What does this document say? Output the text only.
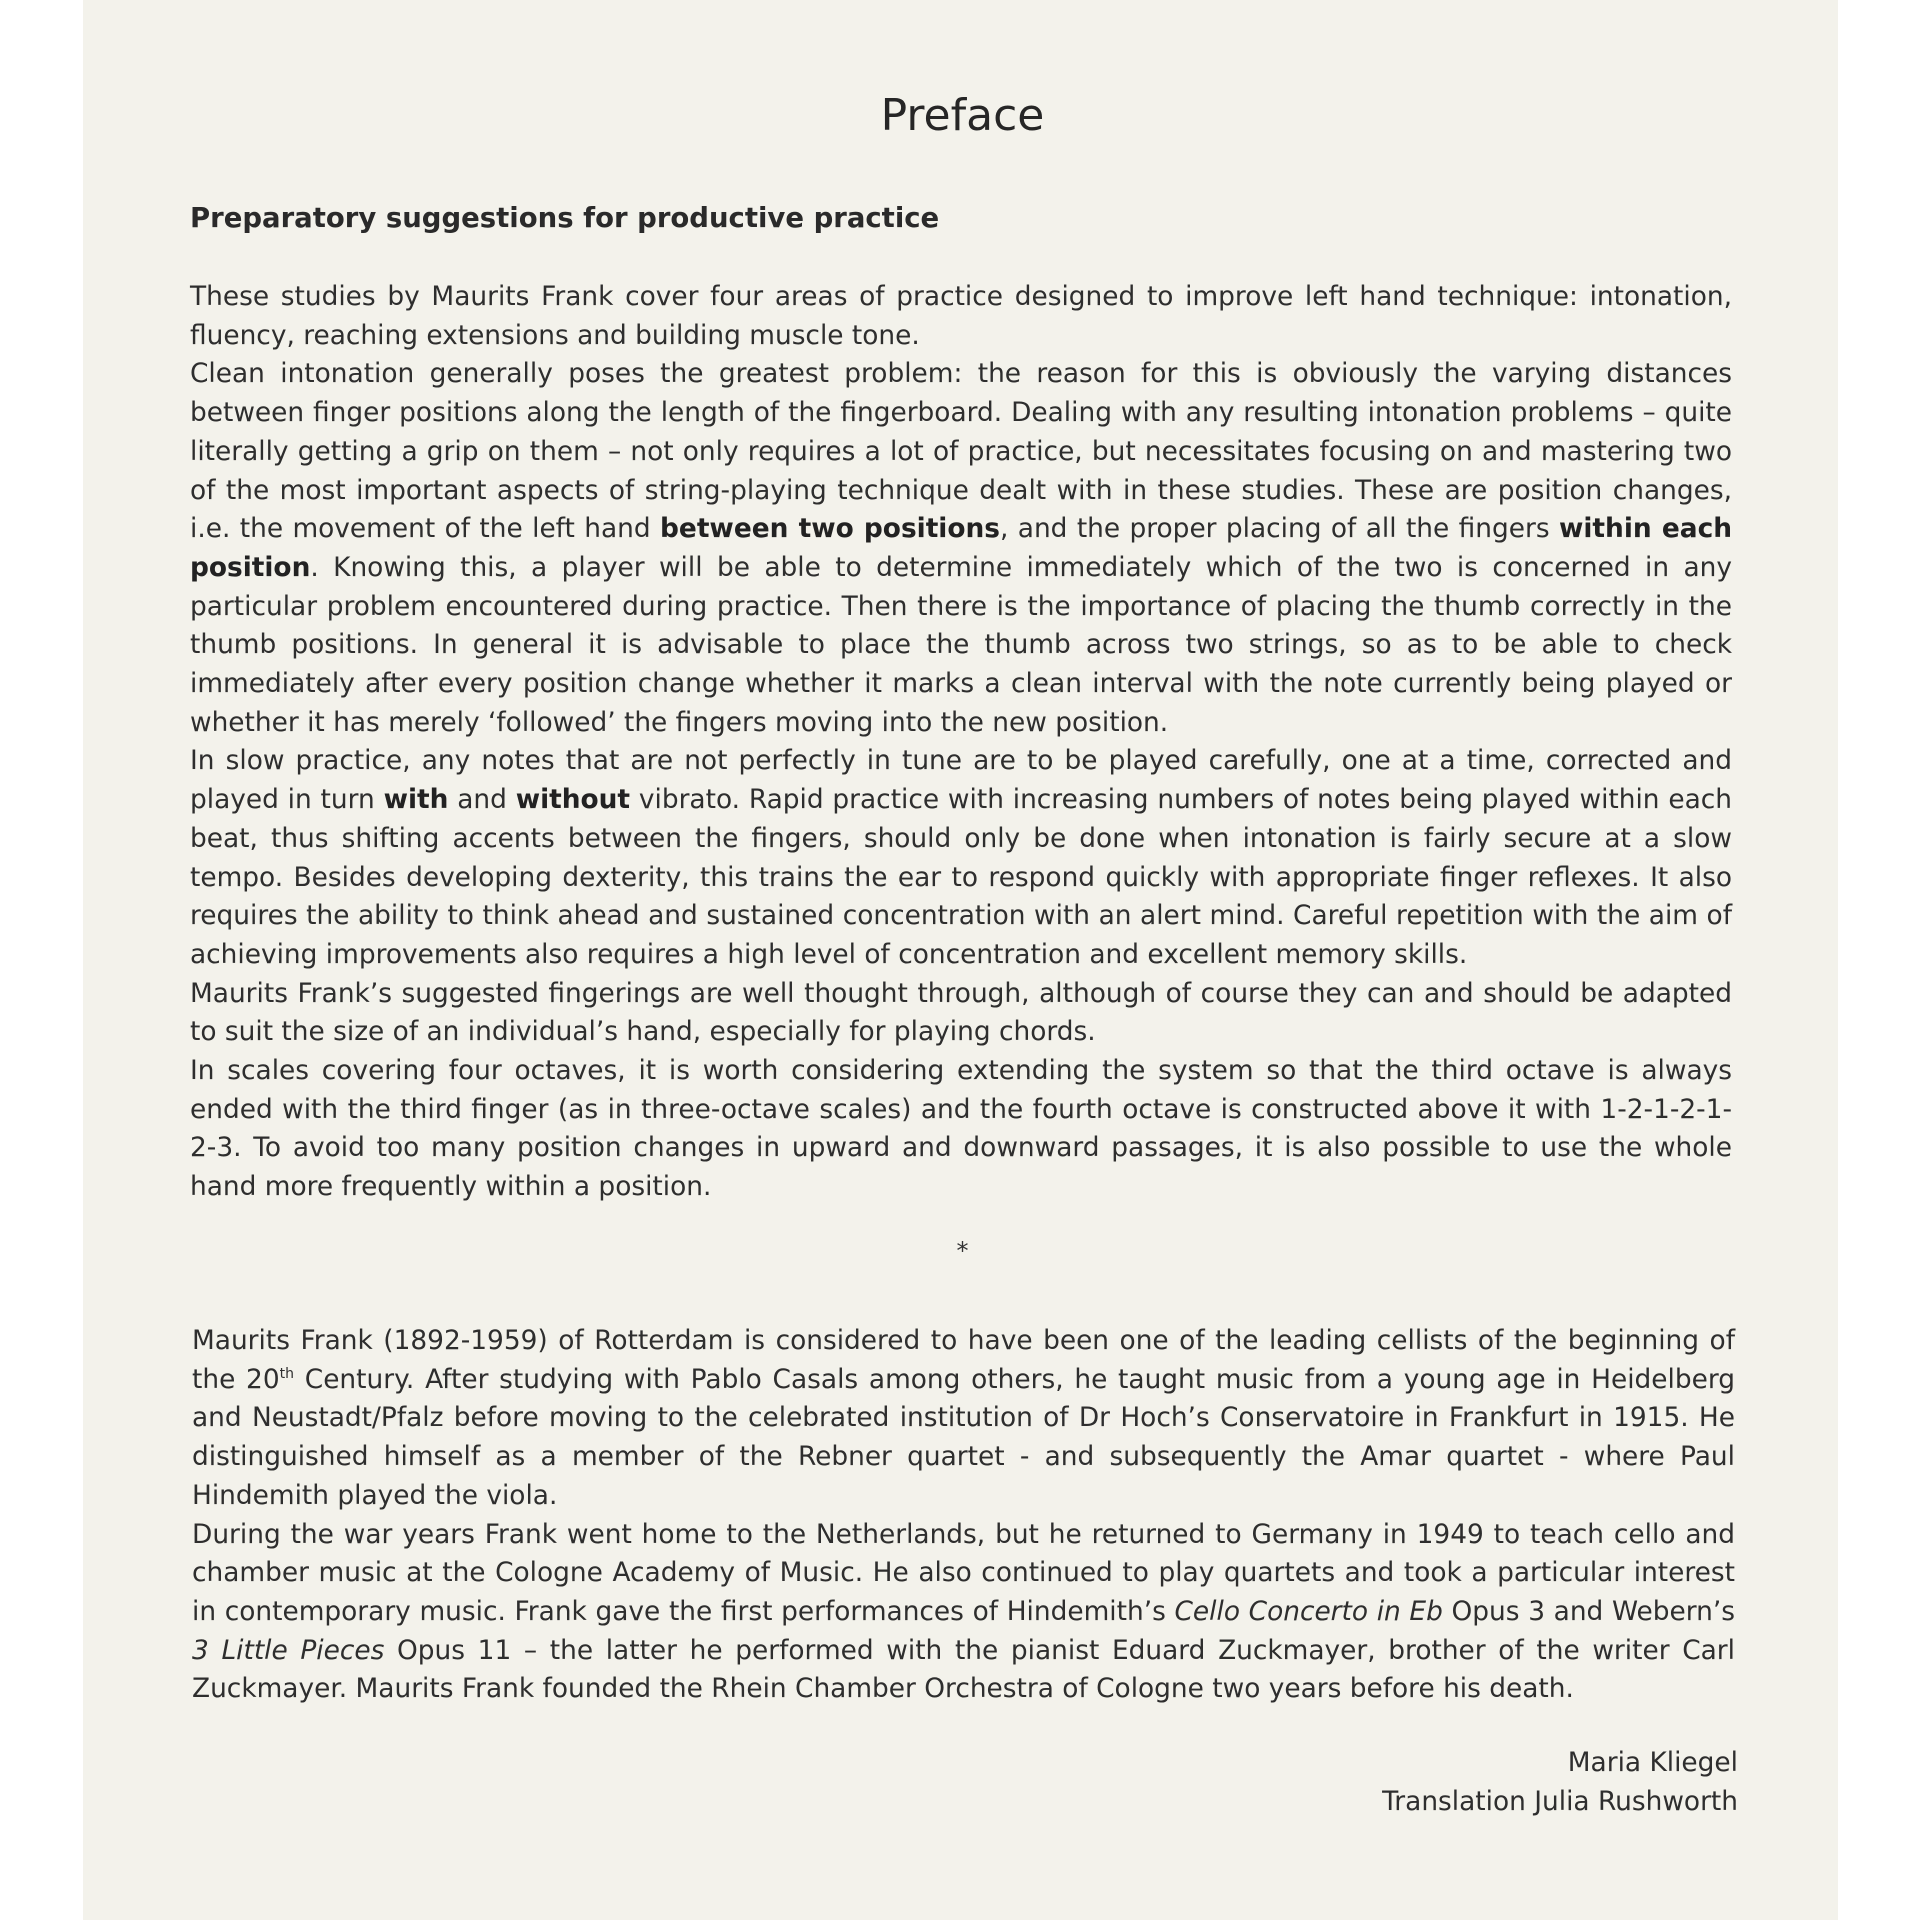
Preface
Preparatory suggestions for productive practice
These studies by Maurits Frank cover four areas of practice designed to improve left hand technique: intonation, fluency, reaching extensions and building muscle tone.
Clean intonation generally poses the greatest problem: the reason for this is obviously the varying distances between finger positions along the length of the fingerboard. Dealing with any resulting intonation problems – quite literally getting a grip on them – not only requires a lot of practice, but necessitates focusing on and mastering two of the most important aspects of string-playing technique dealt with in these studies. These are position changes, i.e. the movement of the left hand between two positions, and the proper placing of all the fingers within each position. Knowing this, a player will be able to determine immediately which of the two is concerned in any particular problem encountered during practice. Then there is the importance of placing the thumb correctly in the thumb positions. In general it is advisable to place the thumb across two strings, so as to be able to check immediately after every position change whether it marks a clean interval with the note currently being played or whether it has merely ‘followed’ the fingers moving into the new position.
In slow practice, any notes that are not perfectly in tune are to be played carefully, one at a time, corrected and played in turn with and without vibrato. Rapid practice with increasing numbers of notes being played within each beat, thus shifting accents between the fingers, should only be done when intonation is fairly secure at a slow tempo. Besides developing dexterity, this trains the ear to respond quickly with appropriate finger reflexes. It also requires the ability to think ahead and sustained concentration with an alert mind. Careful repetition with the aim of achieving improvements also requires a high level of concentration and excellent memory skills.
Maurits Frank’s suggested fingerings are well thought through, although of course they can and should be adapted to suit the size of an individual’s hand, especially for playing chords.
In scales covering four octaves, it is worth considering extending the system so that the third octave is always ended with the third finger (as in three-octave scales) and the fourth octave is constructed above it with 1-2-1-2-1-2-3. To avoid too many position changes in upward and downward passages, it is also possible to use the whole hand more frequently within a position.
*
Maurits Frank (1892-1959) of Rotterdam is considered to have been one of the leading cellists of the beginning of the 20th Century. After studying with Pablo Casals among others, he taught music from a young age in Heidelberg and Neustadt/Pfalz before moving to the celebrated institution of Dr Hoch’s Conservatoire in Frankfurt in 1915. He distinguished himself as a member of the Rebner quartet - and subsequently the Amar quartet - where Paul Hindemith played the viola.
During the war years Frank went home to the Netherlands, but he returned to Germany in 1949 to teach cello and chamber music at the Cologne Academy of Music. He also continued to play quartets and took a particular interest in contemporary music. Frank gave the first performances of Hindemith’s Cello Concerto in Eb Opus 3 and Webern’s 3 Little Pieces Opus 11 – the latter he performed with the pianist Eduard Zuckmayer, brother of the writer Carl Zuckmayer. Maurits Frank founded the Rhein Chamber Orchestra of Cologne two years before his death.
Maria Kliegel
Translation Julia Rushworth
